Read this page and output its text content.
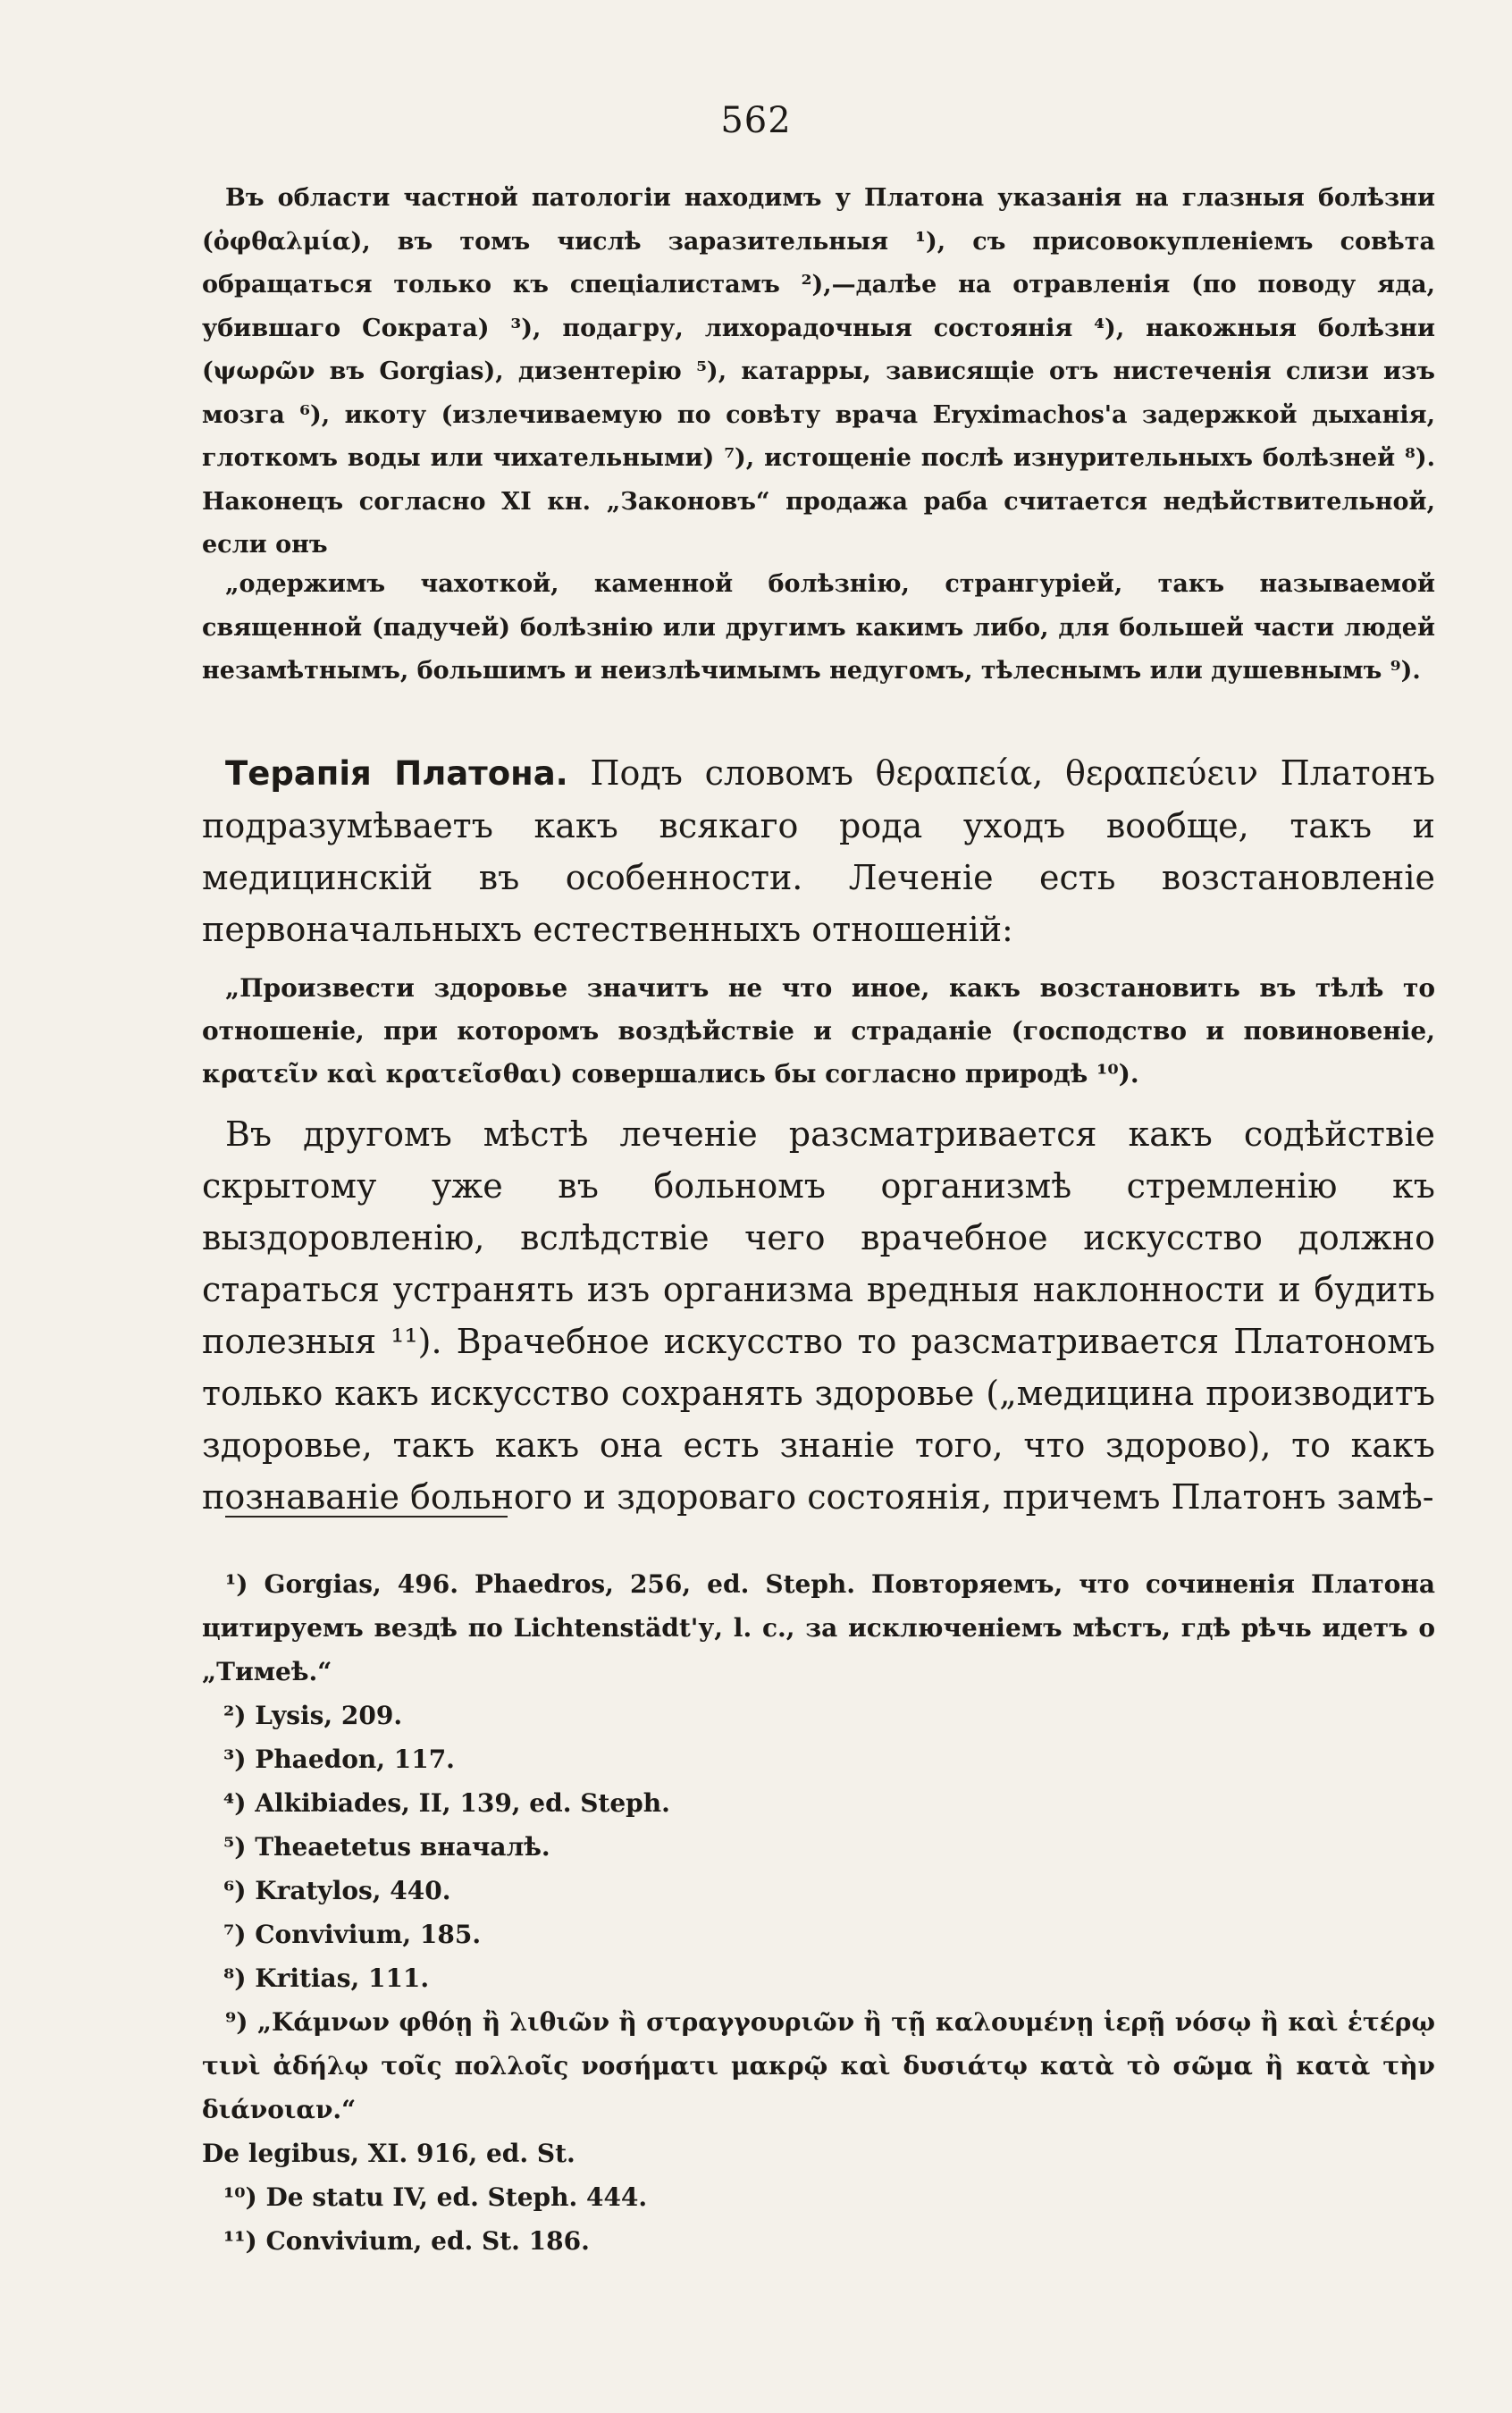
562

Въ области частной патологіи находимъ у Платона указанія на глазныя болѣзни (ὀφθαλμία), въ томъ числѣ заразительныя ¹), съ присовокупленіемъ совѣта обращаться только къ спеціалистамъ ²),—далѣе на отравленія (по поводу яда, убившаго Сократа) ³), подагру, лихорадочныя состоянія ⁴), накожныя болѣзни (ψωρῶν въ Gorgias), дизентерію ⁵), катарры, зависящіе отъ нистеченія слизи изъ мозга ⁶), икоту (излечиваемую по совѣту врача Eryximachos'а задержкой дыханія, глоткомъ воды или чихательными) ⁷), истощеніе послѣ изнурительныхъ болѣзней ⁸). Наконецъ согласно XI кн. „Законовъ“ продажа раба считается недѣйствительной, если онъ

„одержимъ чахоткой, каменной болѣзнію, странгуріей, такъ называемой священной (падучей) болѣзнію или другимъ какимъ либо, для большей части людей незамѣтнымъ, большимъ и неизлѣчимымъ недугомъ, тѣлеснымъ или душевнымъ ⁹).

Терапія Платона. Подъ словомъ θεραπεία, θεραπεύειν Платонъ подразумѣваетъ какъ всякаго рода уходъ вообще, такъ и медицинскій въ особенности. Леченіе есть возстановленіе первоначальныхъ естественныхъ отношеній:

„Произвести здоровье значитъ не что иное, какъ возстановить въ тѣлѣ то отношеніе, при которомъ воздѣйствіе и страданіе (господство и повиновеніе, κρατεῖν καὶ κρατεῖσθαι) совершались бы согласно природѣ ¹⁰).

Въ другомъ мѣстѣ леченіе разсматривается какъ содѣйствіе скрытому уже въ больномъ организмѣ стремленію къ выздоровленію, вслѣдствіе чего врачебное искусство должно стараться устранять изъ организма вредныя наклонности и будить полезныя ¹¹). Врачебное искусство то разсматривается Платономъ только какъ искусство сохранять здоровье („медицина производитъ здоровье, такъ какъ она есть знаніе того, что здорово), то какъ познаваніе больного и здороваго состоянія, причемъ Платонъ замѣ-

¹) Gorgias, 496. Phaedros, 256, ed. Steph. Повторяемъ, что сочиненія Платона цитируемъ вездѣ по Lichtenstädt'у, l. c., за исключеніемъ мѣстъ, гдѣ рѣчь идетъ о „Тимеѣ.“

²) Lysis, 209.

³) Phaedon, 117.

⁴) Alkibiades, II, 139, ed. Steph.

⁵) Theaetetus вначалѣ.

⁶) Kratylos, 440.

⁷) Convivium, 185.

⁸) Kritias, 111.

⁹) „Κάμνων φθόῃ ἢ λιθιῶν ἢ στραγγουριῶν ἢ τῇ καλουμένῃ ἱερῇ νόσῳ ἢ καὶ ἑτέρῳ τινὶ ἀδήλῳ τοῖς πολλοῖς νοσήματι μακρῷ καὶ δυσιάτῳ κατὰ τὸ σῶμα ἢ κατὰ τὴν διάνοιαν.“

De legibus, XI. 916, ed. St.

¹⁰) De statu IV, ed. Steph. 444.

¹¹) Convivium, ed. St. 186.
